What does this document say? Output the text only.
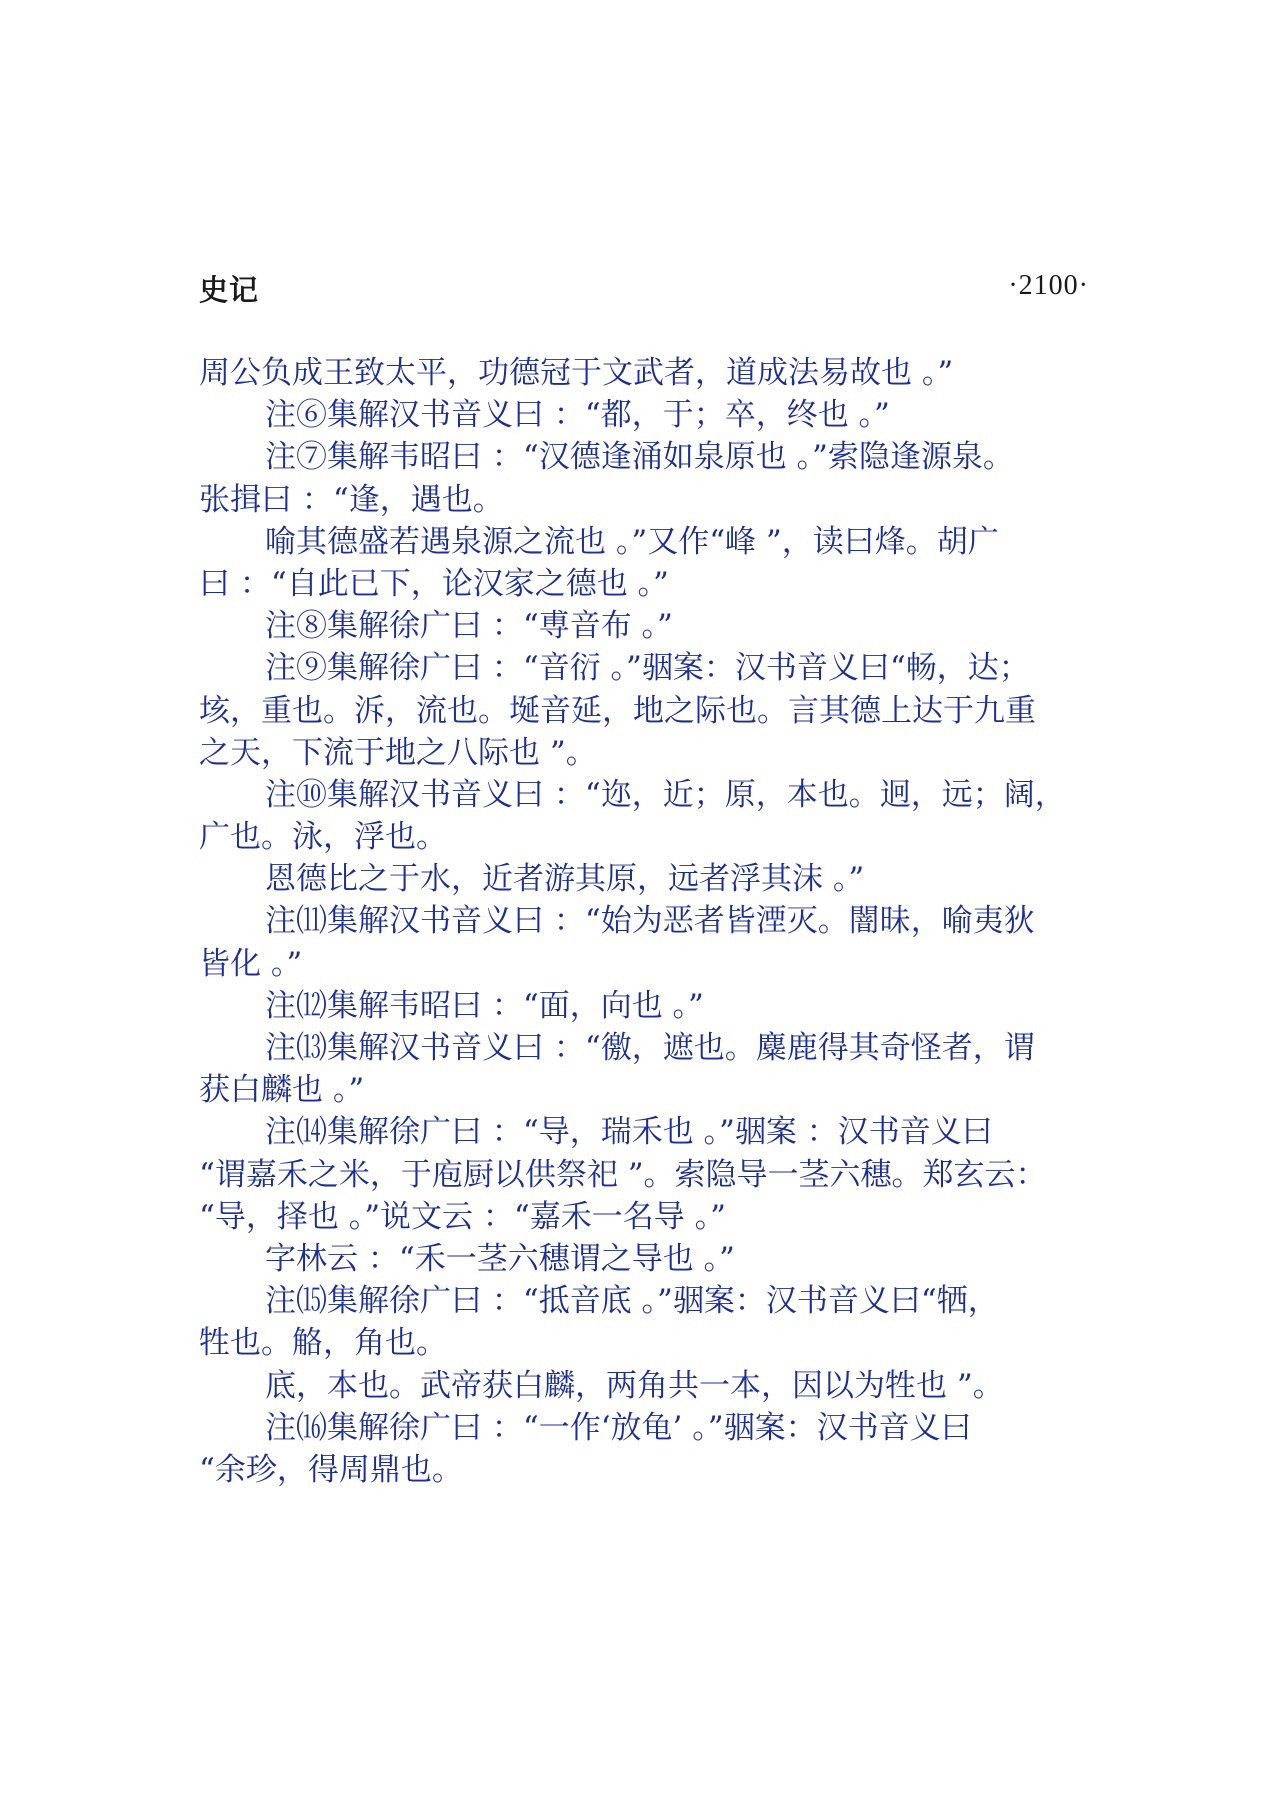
史记	·2100·
周公负成王致太平，功德冠于文武者，道成法易故也 。”
注⑥集解汉书音义曰 ：“都，于；卒，终也 。”
注⑦集解韦昭曰 ：“汉德逢涌如泉原也 。”索隐逢源泉。
张揖曰 ：“逢，遇也。
喻其德盛若遇泉源之流也 。”又作“峰 ”，读曰烽。胡广
曰 ：“自此已下，论汉家之德也 。”
注⑧集解徐广曰 ：“尃音布 。”
注⑨集解徐广曰 ：“音衍 。”骃案：汉书音义曰“畅，达；
垓，重也。泝，流也。埏音延，地之际也。言其德上达于九重
之天，下流于地之八际也 ”。
注⑩集解汉书音义曰 ：“迩，近；原，本也。迥，远；阔，
广也。泳，浮也。
恩德比之于水，近者游其原，远者浮其沫 。”
注⑾集解汉书音义曰 ：“始为恶者皆湮灭。闇昧，喻夷狄
皆化 。”
注⑿集解韦昭曰 ：“面，向也 。”
注⒀集解汉书音义曰 ：“徼，遮也。麋鹿得其奇怪者，谓
获白麟也 。”
注⒁集解徐广曰 ：“导，瑞禾也 。”骃案 ：汉书音义曰
“谓嘉禾之米，于庖厨以供祭祀 ”。索隐导一茎六穗。郑玄云：
“导，择也 。”说文云 ：“嘉禾一名导 。”
字林云 ：“禾一茎六穗谓之导也 。”
注⒂集解徐广曰 ：“抵音底 。”骃案：汉书音义曰“牺，
牲也。觡，角也。
底，本也。武帝获白麟，两角共一本，因以为牲也 ”。
注⒃集解徐广曰 ：“一作‘放龟’ 。”骃案：汉书音义曰
“余珍，得周鼎也。
